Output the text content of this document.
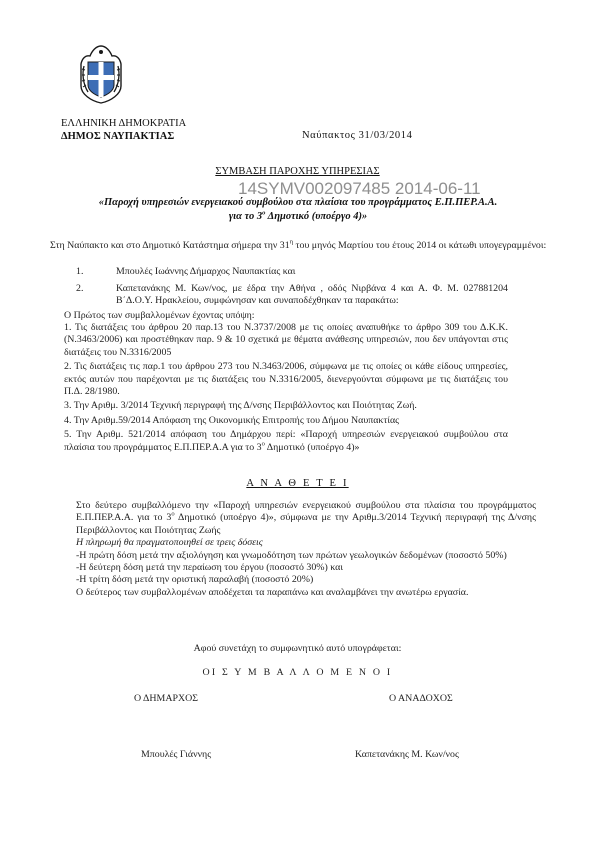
ΕΛΛΗΝΙΚΗ ΔΗΜΟΚΡΑΤΙΑ
ΔΗΜΟΣ ΝΑΥΠΑΚΤΙΑΣ	Ναύπακτος 31/03/2014
ΣΥΜΒΑΣΗ ΠΑΡΟΧΗΣ ΥΠΗΡΕΣΙΑΣ
14SYMV002097485 2014-06-11
«Παροχή υπηρεσιών ενεργειακού συμβούλου στα πλαίσια του προγράμματος Ε.Π.ΠΕΡ.Α.Α.
για το $3^o$ Δημοτικό (υποέργο 4)»
Στη Ναύπακτο και στο Δημοτικό Κατάστημα σήμερα την $31^\eta$ του μηνός Μαρτίου του έτους 2014 οι κάτωθι υπογεγραμμένοι:
1.	Μπουλές Ιωάννης Δήμαρχος Ναυπακτίας και
2.	Καπετανάκης Μ. Κων/νος, με έδρα την Αθήνα , οδός Νιρβάνα 4 και Α. Φ. Μ. 027881204 Β΄Δ.Ο.Υ. Ηρακλείου, συμφώνησαν και συναποδέχθηκαν τα παρακάτω:
Ο Πρώτος των συμβαλλομένων έχοντας υπόψη:
1. Τις διατάξεις του άρθρου 20 παρ.13 του Ν.3737/2008 με τις οποίες αναπυθήκε το άρθρο 309 του Δ.Κ.Κ. (Ν.3463/2006) και προστέθηκαν παρ. 9 & 10 σχετικά με θέματα ανάθεσης υπηρεσιών, που δεν υπάγονται στις διατάξεις του Ν.3316/2005
2. Τις διατάξεις τις παρ.1 του άρθρου 273 του Ν.3463/2006, σύμφωνα με τις οποίες οι κάθε είδους υπηρεσίες, εκτός αυτών που παρέχονται με τις διατάξεις του Ν.3316/2005, διενεργούνται σύμφωνα με τις διατάξεις του Π.Δ. 28/1980.
3. Την Αριθμ. 3/2014 Τεχνική περιγραφή της Δ/νσης Περιβάλλοντος και Ποιότητας Ζωή.
4. Την Αριθμ.59/2014 Απόφαση της Οικονομικής Επιτροπής του Δήμου Ναυπακτίας
5. Την Αριθμ. 521/2014 απόφαση του Δημάρχου περί: «Παροχή υπηρεσιών ενεργειακού συμβούλου στα πλαίσια του προγράμματος Ε.Π.ΠΕΡ.Α.Α για το $3^o$ Δημοτικό (υποέργο 4)»
Α Ν Α Θ Ε Τ Ε Ι
Στο δεύτερο συμβαλλόμενο την «Παροχή υπηρεσιών ενεργειακού συμβούλου στα πλαίσια του προγράμματος Ε.Π.ΠΕΡ.Α.Α. για το $3^o$ Δημοτικό (υποέργο 4)», σύμφωνα με την Αριθμ.3/2014 Τεχνική περιγραφή της Δ/νσης Περιβάλλοντος και Ποιότητας Ζωής
Η πληρωμή θα πραγματοποιηθεί σε τρεις δόσεις
-Η πρώτη δόση μετά την αξιολόγηση και γνωμοδότηση των πρώτων γεωλογικών δεδομένων (ποσοστό 50%)
-Η δεύτερη δόση μετά την περαίωση του έργου (ποσοστό 30%) και
-Η τρίτη δόση μετά την οριστική παραλαβή (ποσοστό 20%)
Ο δεύτερος των συμβαλλομένων αποδέχεται τα παραπάνω και αναλαμβάνει την ανωτέρω εργασία.
Αφού συνετάχη το συμφωνητικό αυτό υπογράφεται:
ΟΙ Σ Υ Μ Β Α Λ Λ Ο Μ Ε Ν Ο Ι
Ο ΔΗΜΑΡΧΟΣ	Ο ΑΝΑΔΟΧΟΣ
Μπουλές Γιάννης	Καπετανάκης Μ. Κων/νος
